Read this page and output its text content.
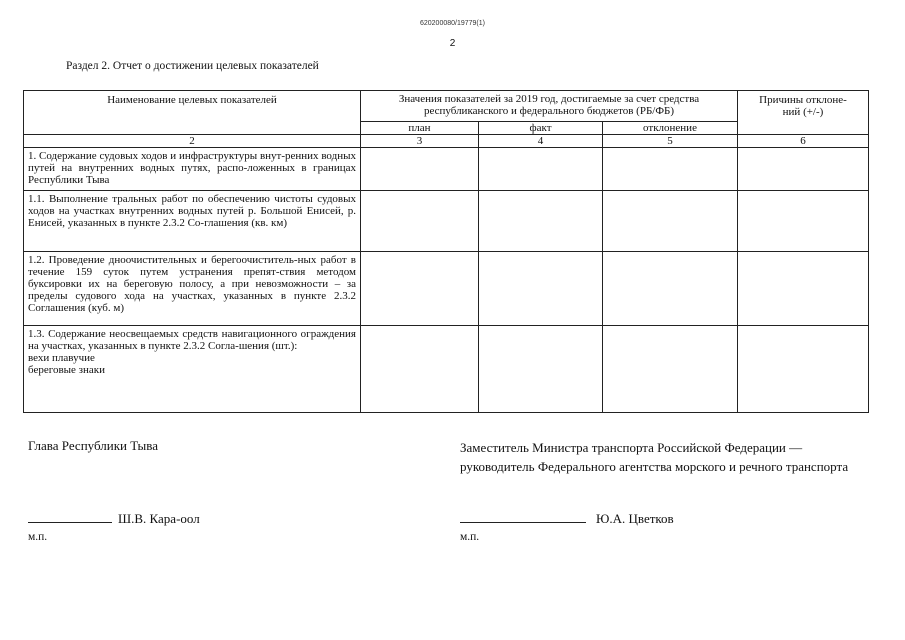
620200080/19779(1)
2
Раздел 2. Отчет о достижении целевых показателей
Наименование целевых показателей	Значения показателей за 2019 год, достигаемые за счет средства республиканского и федерального бюджетов (РБ/ФБ)			Причины отклоне-ний (+/-)
	план	факт	отклонение	
2	3	4	5	6
1. Содержание судовых ходов и инфраструктуры внут-ренних водных путей на внутренних водных путях, распо-ложенных в границах Республики Тыва				
1.1. Выполнение тральных работ по обеспечению чистоты судовых ходов на участках внутренних водных путей р. Большой Енисей, р. Енисей, указанных в пункте 2.3.2 Со-глашения (кв. км)				
1.2. Проведение дноочистительных и берегоочиститель-ных работ в течение 159 суток путем устранения препят-ствия методом буксировки их на береговую полосу, а при невозможности – за пределы судового хода на участках, указанных в пункте 2.3.2 Соглашения (куб. м)				

1.3. Содержание неосвещаемых средств навигационного ограждения на участках, указанных в пункте 2.3.2 Согла-шения (шт.):
вехи плавучие
береговые знаки				

Глава Республики Тыва	Заместитель Министра транспорта Российской Федерации — руководитель Федерального агентства морского и речного транспорта
Ш.В. Кара-оол	Ю.А. Цветков
м.п.	м.п.
